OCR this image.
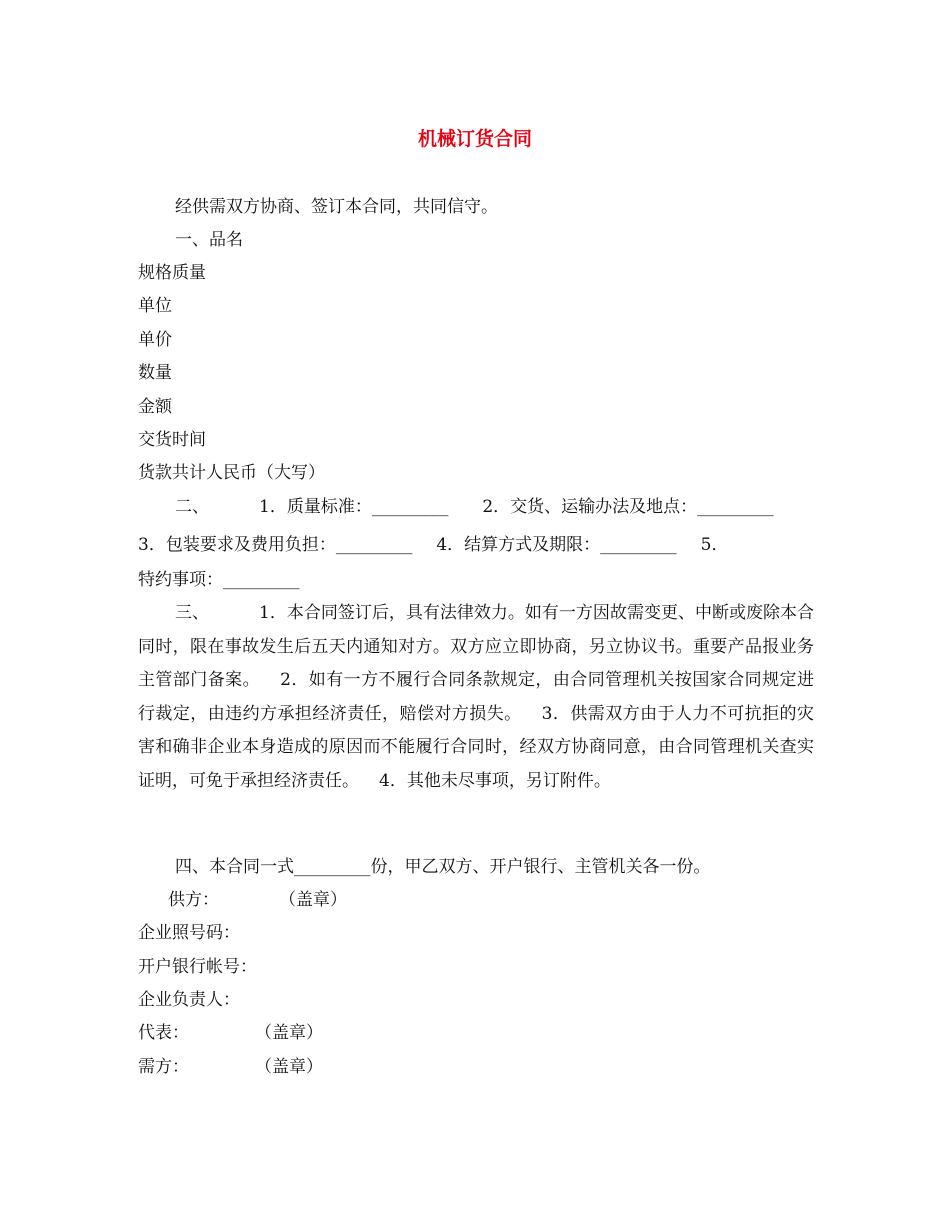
机械订货合同
经供需双方协商、签订本合同，共同信守。
一、品名
规格质量
单位
单价
数量
金额
交货时间
货款共计人民币（大写）
二、	1．质量标准：_________ 2．交货、运输办法及地点：_________
3．包装要求及费用负担：_________ 4．结算方式及期限：_________ 5．
特约事项：_________
三、	1．本合同签订后，具有法律效力。如有一方因故需变更、中断或废除本合同时，限在事故发生后五天内通知对方。双方应立即协商，另立协议书。重要产品报业务主管部门备案。 2．如有一方不履行合同条款规定，由合同管理机关按国家合同规定进行裁定，由违约方承担经济责任，赔偿对方损失。 3．供需双方由于人力不可抗拒的灾害和确非企业本身造成的原因而不能履行合同时，经双方协商同意，由合同管理机关查实证明，可免于承担经济责任。 4．其他未尽事项，另订附件。
四、本合同一式_________份，甲乙双方、开户银行、主管机关各一份。
供方：	（盖章）
企业照号码：
开户银行帐号：
企业负责人：
代表：	（盖章）
需方：	（盖章）
